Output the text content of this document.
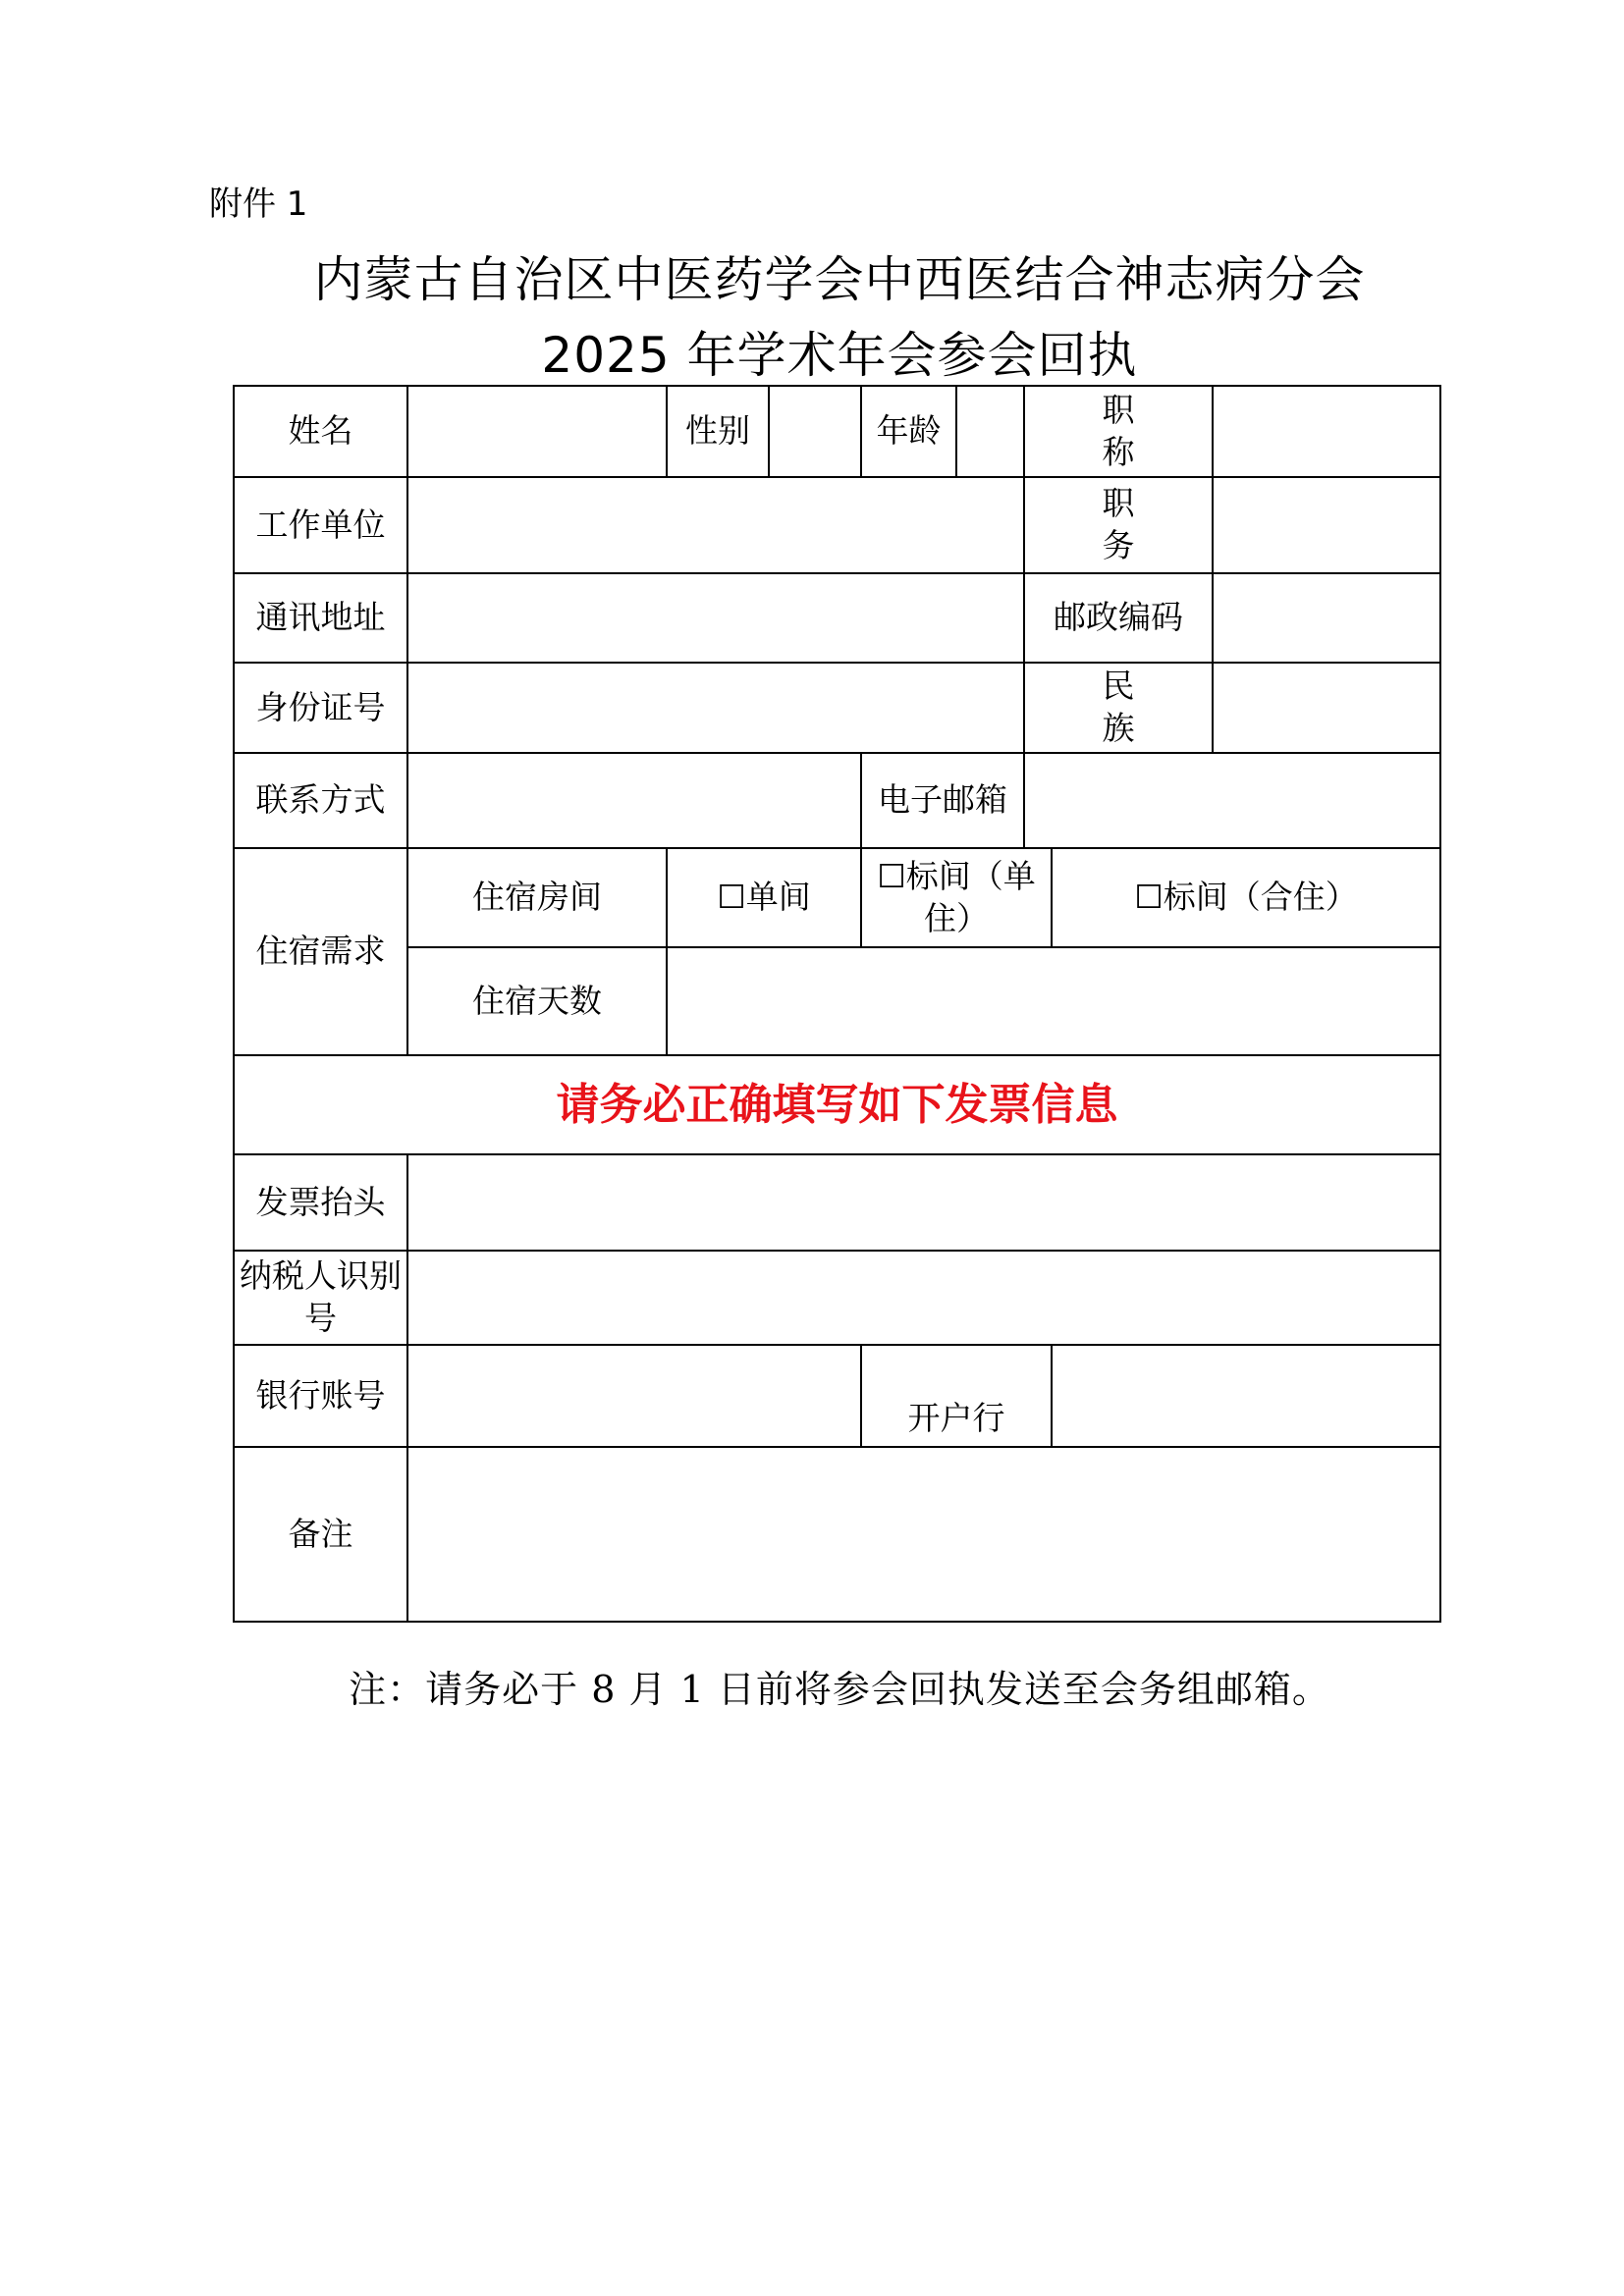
附件 1
内蒙古自治区中医药学会中西医结合神志病分会
2025 年学术年会参会回执
姓名		性别		年龄		职 称		
工作单位						职 务		
通讯地址						邮政编码		
身份证号						民 族		
联系方式				电子邮箱				
住宿需求	住宿房间	☐单间		☐标间（单住）			☐标间（合住）	
	住宿天数							
请务必正确填写如下发票信息								
发票抬头								
纳税人识别号								
银行账号				开户行				
备注								
注：请务必于 8 月 1 日前将参会回执发送至会务组邮箱。
